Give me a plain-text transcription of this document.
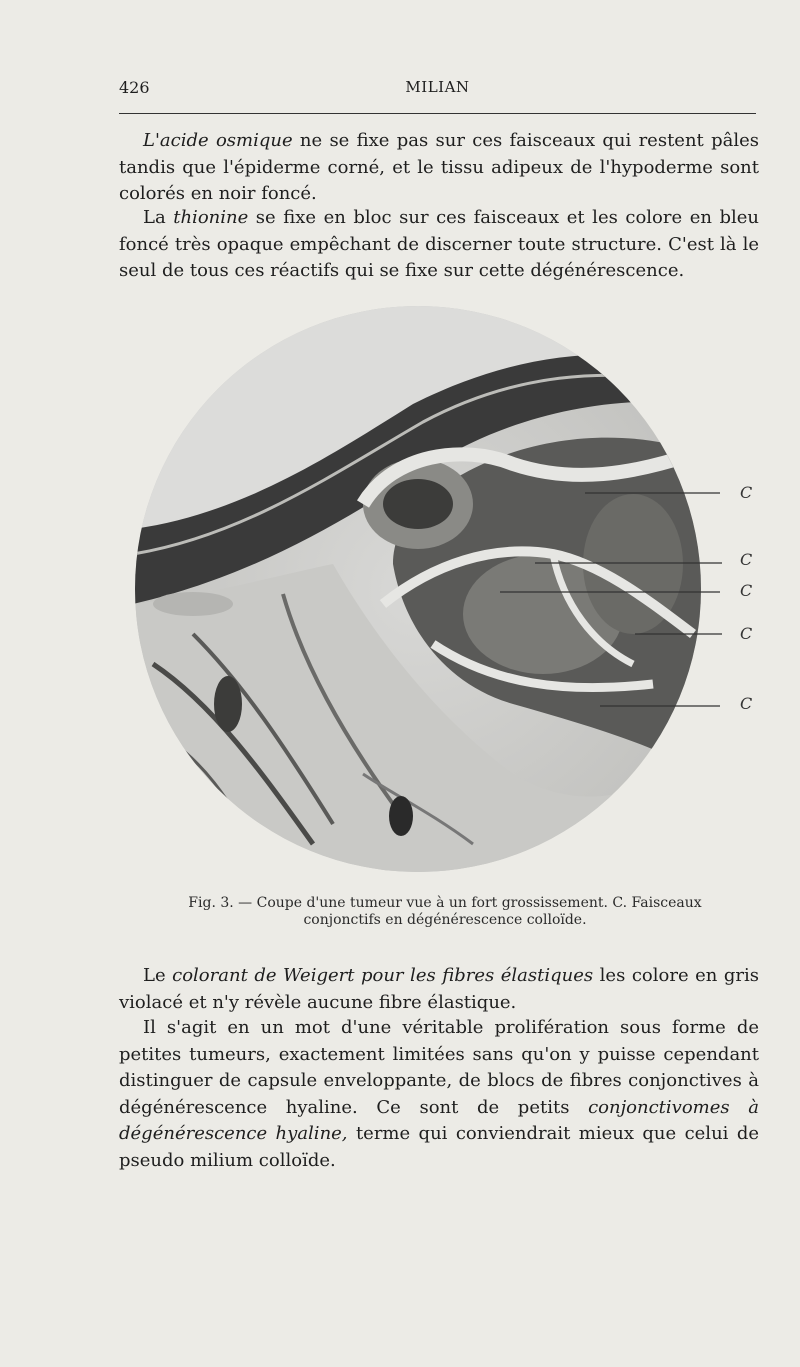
426	MILIAN

L'acide osmique ne se fixe pas sur ces faisceaux qui restent pâles tandis que l'épiderme corné, et le tissu adipeux de l'hypoderme sont colorés en noir foncé.

La thionine se fixe en bloc sur ces faisceaux et les colore en bleu foncé très opaque empêchant de discerner toute structure. C'est là le seul de tous ces réactifs qui se fixe sur cette dégénérescence.

C
C
C
C
C
Fig. 3. — Coupe d'une tumeur vue à un fort grossissement. C. Faisceaux conjonctifs en dégénérescence colloïde.

Le colorant de Weigert pour les fibres élastiques les colore en gris violacé et n'y révèle aucune fibre élastique.

Il s'agit en un mot d'une véritable prolifération sous forme de petites tumeurs, exactement limitées sans qu'on y puisse cependant distinguer de capsule enveloppante, de blocs de fibres conjonctives à dégénérescence hyaline. Ce sont de petits conjonctivomes à dégénérescence hyaline, terme qui conviendrait mieux que celui de pseudo milium colloïde.
